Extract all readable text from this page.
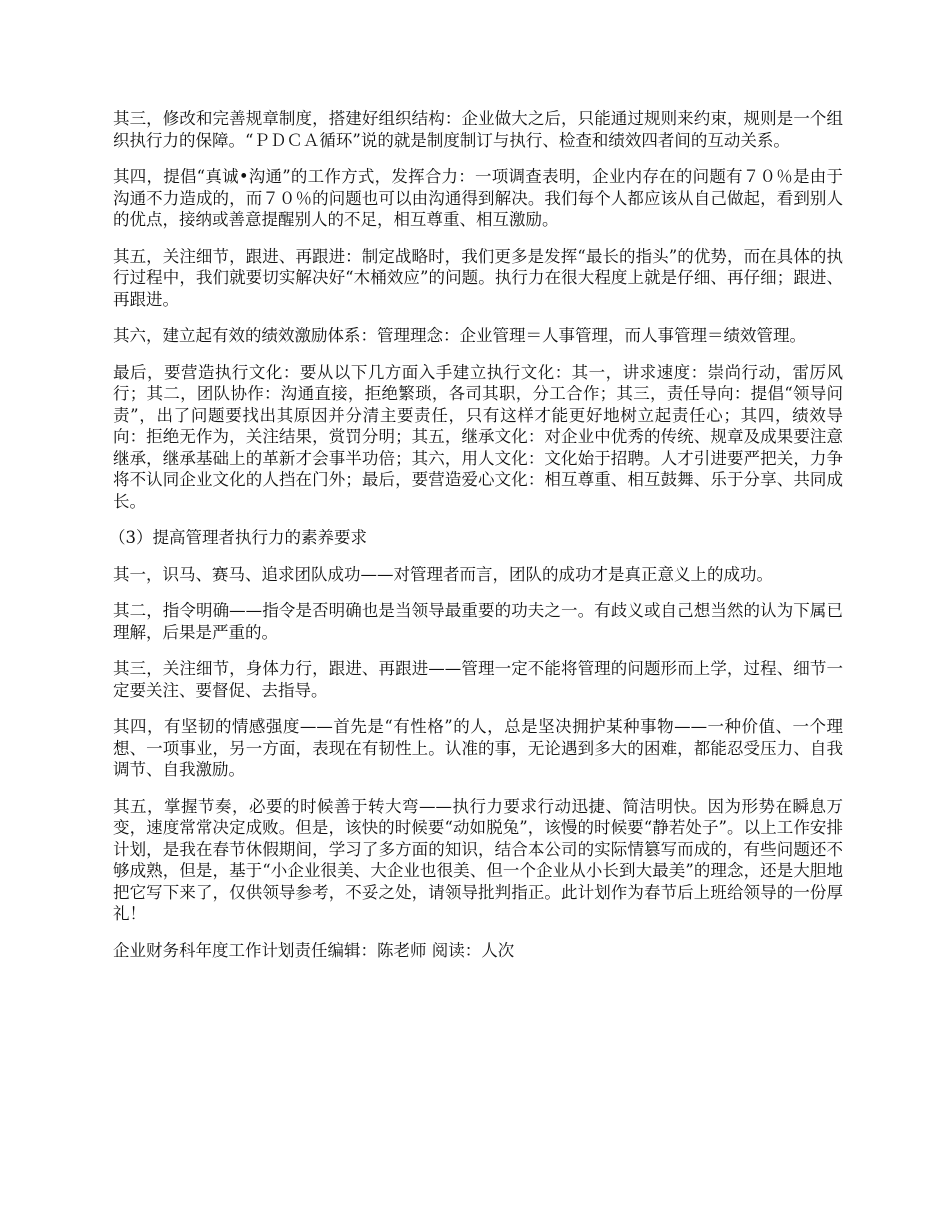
其三，修改和完善规章制度，搭建好组织结构：企业做大之后，只能通过规则来约束，规则是一个组织执行力的保障。“ＰＤＣＡ循环”说的就是制度制订与执行、检查和绩效四者间的互动关系。

其四，提倡“真诚•沟通”的工作方式，发挥合力：一项调查表明，企业内存在的问题有７０％是由于沟通不力造成的，而７０％的问题也可以由沟通得到解决。我们每个人都应该从自己做起，看到别人的优点，接纳或善意提醒别人的不足，相互尊重、相互激励。

其五，关注细节，跟进、再跟进：制定战略时，我们更多是发挥“最长的指头”的优势，而在具体的执行过程中，我们就要切实解决好“木桶效应”的问题。执行力在很大程度上就是仔细、再仔细；跟进、再跟进。

其六，建立起有效的绩效激励体系：管理理念：企业管理＝人事管理，而人事管理＝绩效管理。

最后，要营造执行文化：要从以下几方面入手建立执行文化：其一，讲求速度：崇尚行动，雷厉风行；其二，团队协作：沟通直接，拒绝繁琐，各司其职，分工合作；其三，责任导向：提倡“领导问责”，出了问题要找出其原因并分清主要责任，只有这样才能更好地树立起责任心；其四，绩效导向：拒绝无作为，关注结果，赏罚分明；其五，继承文化：对企业中优秀的传统、规章及成果要注意继承，继承基础上的革新才会事半功倍；其六，用人文化：文化始于招聘。人才引进要严把关，力争将不认同企业文化的人挡在门外；最后，要营造爱心文化：相互尊重、相互鼓舞、乐于分享、共同成长。

（3）提高管理者执行力的素养要求

其一，识马、赛马、追求团队成功——对管理者而言，团队的成功才是真正意义上的成功。

其二，指令明确——指令是否明确也是当领导最重要的功夫之一。有歧义或自己想当然的认为下属已理解，后果是严重的。

其三，关注细节，身体力行，跟进、再跟进——管理一定不能将管理的问题形而上学，过程、细节一定要关注、要督促、去指导。

其四，有坚韧的情感强度——首先是“有性格”的人，总是坚决拥护某种事物——一种价值、一个理想、一项事业，另一方面，表现在有韧性上。认准的事，无论遇到多大的困难，都能忍受压力、自我调节、自我激励。

其五，掌握节奏，必要的时候善于转大弯——执行力要求行动迅捷、简洁明快。因为形势在瞬息万变，速度常常决定成败。但是，该快的时候要“动如脱兔”，该慢的时候要“静若处子”。以上工作安排计划，是我在春节休假期间，学习了多方面的知识，结合本公司的实际情篡写而成的，有些问题还不够成熟，但是，基于“小企业很美、大企业也很美、但一个企业从小长到大最美”的理念，还是大胆地把它写下来了，仅供领导参考，不妥之处，请领导批判指正。此计划作为春节后上班给领导的一份厚礼！

企业财务科年度工作计划责任编辑：陈老师 阅读：人次
